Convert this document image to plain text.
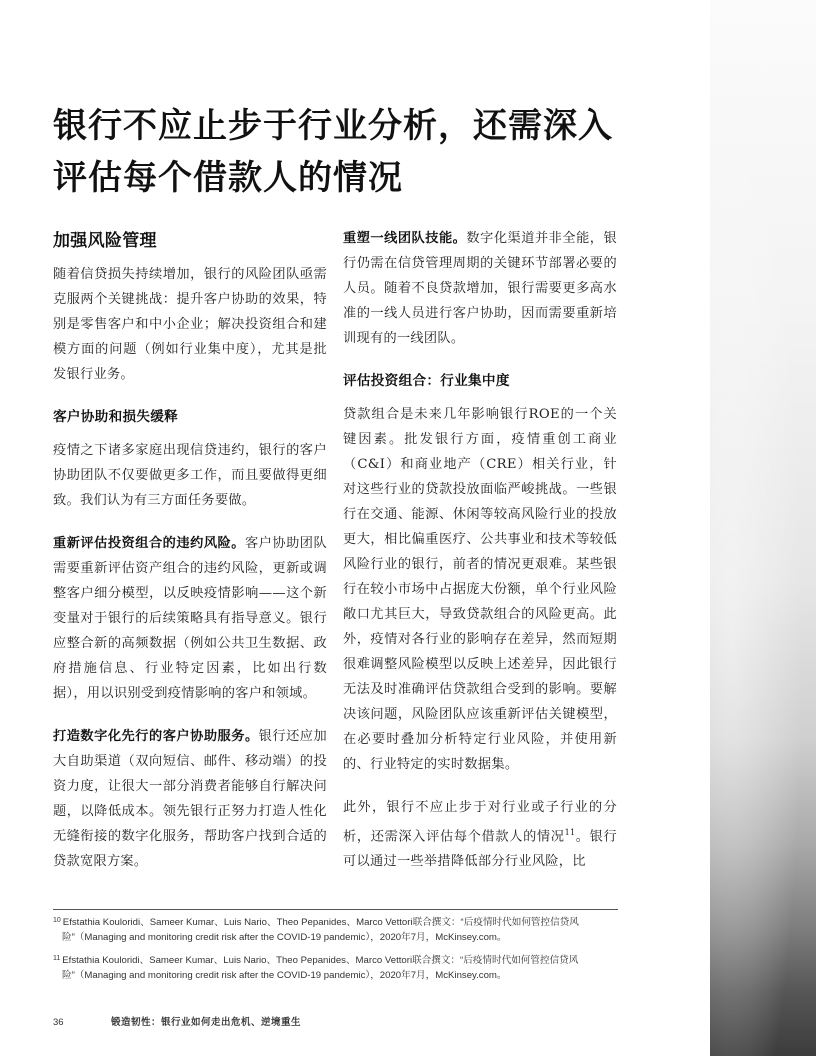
银行不应止步于行业分析，还需深入评估每个借款人的情况
加强风险管理

随着信贷损失持续增加，银行的风险团队亟需克服两个关键挑战：提升客户协助的效果，特别是零售客户和中小企业；解决投资组合和建模方面的问题（例如行业集中度），尤其是批发银行业务。

客户协助和损失缓释

疫情之下诸多家庭出现信贷违约，银行的客户协助团队不仅要做更多工作，而且要做得更细致。我们认为有三方面任务要做。

重新评估投资组合的违约风险。客户协助团队需要重新评估资产组合的违约风险，更新或调整客户细分模型，以反映疫情影响——这个新变量对于银行的后续策略具有指导意义。银行应整合新的高频数据（例如公共卫生数据、政府措施信息、行业特定因素，比如出行数据），用以识别受到疫情影响的客户和领域。

打造数字化先行的客户协助服务。银行还应加大自助渠道（双向短信、邮件、移动端）的投资力度，让很大一部分消费者能够自行解决问题，以降低成本。领先银行正努力打造人性化无缝衔接的数字化服务，帮助客户找到合适的贷款宽限方案。

重塑一线团队技能。数字化渠道并非全能，银行仍需在信贷管理周期的关键环节部署必要的人员。随着不良贷款增加，银行需要更多高水准的一线人员进行客户协助，因而需要重新培训现有的一线团队。

评估投资组合：行业集中度

贷款组合是未来几年影响银行ROE的一个关键因素。批发银行方面，疫情重创工商业（C&I）和商业地产（CRE）相关行业，针对这些行业的贷款投放面临严峻挑战。一些银行在交通、能源、休闲等较高风险行业的投放更大，相比偏重医疗、公共事业和技术等较低风险行业的银行，前者的情况更艰难。某些银行在较小市场中占据庞大份额，单个行业风险敞口尤其巨大，导致贷款组合的风险更高。此外，疫情对各行业的影响存在差异，然而短期很难调整风险模型以反映上述差异，因此银行无法及时准确评估贷款组合受到的影响。要解决该问题，风险团队应该重新评估关键模型，在必要时叠加分析特定行业风险，并使用新的、行业特定的实时数据集。

此外，银行不应止步于对行业或子行业的分析，还需深入评估每个借款人的情况$^{11}$。银行可以通过一些举措降低部分行业风险，比

$^{10}$ Efstathia Kouloridi、Sameer Kumar、Luis Nario、Theo Pepanides、Marco Vettori联合撰文：“后疫情时代如何管控信贷风险”（Managing and monitoring credit risk after the COVID-19 pandemic），2020年7月，McKinsey.com。

$^{11}$ Efstathia Kouloridi、Sameer Kumar、Luis Nario、Theo Pepanides、Marco Vettori联合撰文：“后疫情时代如何管控信贷风险”（Managing and monitoring credit risk after the COVID-19 pandemic），2020年7月，McKinsey.com。

36	锻造韧性：银行业如何走出危机、逆境重生
